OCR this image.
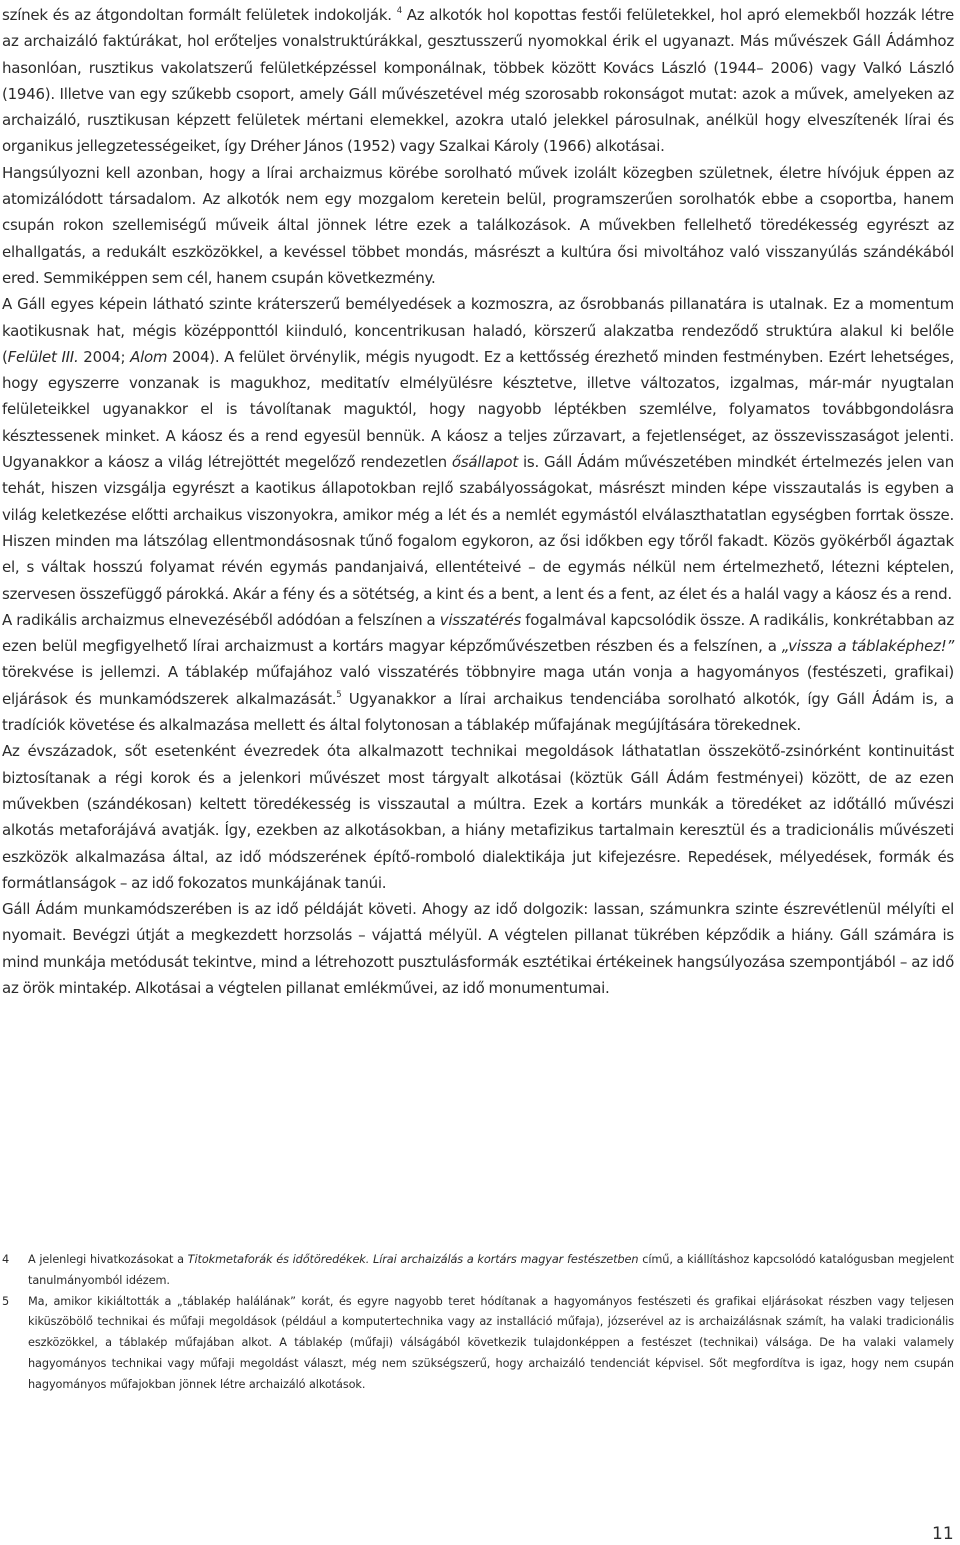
színek és az átgondoltan formált felületek indokolják. $^4$ Az alkotók hol kopottas festői felületekkel, hol apró elemekből hozzák létre az archaizáló faktúrákat, hol erőteljes vonalstruktúrákkal, gesztusszerű nyomokkal érik el ugyanazt. Más művészek Gáll Ádámhoz hasonlóan, rusztikus vakolatszerű felületképzéssel komponálnak, többek között Kovács László (1944– 2006) vagy Valkó László (1946). Illetve van egy szűkebb csoport, amely Gáll művészetével még szorosabb rokonságot mutat: azok a művek, amelyeken az archaizáló, rusztikusan képzett felületek mértani elemekkel, azokra utaló jelekkel párosulnak, anélkül hogy elveszítenék lírai és organikus jellegzetességeiket, így Dréher János (1952) vagy Szalkai Károly (1966) alkotásai.

Hangsúlyozni kell azonban, hogy a lírai archaizmus körébe sorolható művek izolált közegben születnek, életre hívójuk éppen az atomizálódott társadalom. Az alkotók nem egy mozgalom keretein belül, programszerűen sorolhatók ebbe a csoportba, hanem csupán rokon szellemiségű műveik által jönnek létre ezek a találkozások. A művekben fellelhető töredékesség egyrészt az elhallgatás, a redukált eszközökkel, a kevéssel többet mondás, másrészt a kultúra ősi mivoltához való visszanyúlás szándékából ered. Semmiképpen sem cél, hanem csupán következmény.

A Gáll egyes képein látható szinte kráterszerű bemélyedések a kozmoszra, az ősrobbanás pillanatára is utalnak. Ez a momentum kaotikusnak hat, mégis középponttól kiinduló, koncentrikusan haladó, körszerű alakzatba rendeződő struktúra alakul ki belőle (Felület III. 2004; Alom 2004). A felület örvénylik, mégis nyugodt. Ez a kettősség érezhető minden festményben. Ezért lehetséges, hogy egyszerre vonzanak is magukhoz, meditatív elmélyülésre késztetve, illetve változatos, izgalmas, már-már nyugtalan felületeikkel ugyanakkor el is távolítanak maguktól, hogy nagyobb léptékben szemlélve, folyamatos továbbgondolásra késztessenek minket. A káosz és a rend egyesül bennük. A káosz a teljes zűrzavart, a fejetlenséget, az összevisszaságot jelenti. Ugyanakkor a káosz a világ létrejöttét megelőző rendezetlen ősállapot is. Gáll Ádám művészetében mindkét értelmezés jelen van tehát, hiszen vizsgálja egyrészt a kaotikus állapotokban rejlő szabályosságokat, másrészt minden képe visszautalás is egyben a világ keletkezése előtti archaikus viszonyokra, amikor még a lét és a nemlét egymástól elválaszthatatlan egységben forrtak össze. Hiszen minden ma látszólag ellentmondásosnak tűnő fogalom egykoron, az ősi időkben egy tőről fakadt. Közös gyökérből ágaztak el, s váltak hosszú folyamat révén egymás pandanjaivá, ellentéteivé – de egymás nélkül nem értelmezhető, létezni képtelen, szervesen összefüggő párokká. Akár a fény és a sötétség, a kint és a bent, a lent és a fent, az élet és a halál vagy a káosz és a rend.

A radikális archaizmus elnevezéséből adódóan a felszínen a visszatérés fogalmával kapcsolódik össze. A radikális, konkrétabban az ezen belül megfigyelhető lírai archaizmust a kortárs magyar képzőművészetben részben és a felszínen, a „vissza a táblaképhez!” törekvése is jellemzi. A táblakép műfajához való visszatérés többnyire maga után vonja a hagyományos (festészeti, grafikai) eljárások és munkamódszerek alkalmazását.$^5$ Ugyanakkor a lírai archaikus tendenciába sorolható alkotók, így Gáll Ádám is, a tradíciók követése és alkalmazása mellett és által folytonosan a táblakép műfajának megújítására törekednek.

Az évszázadok, sőt esetenként évezredek óta alkalmazott technikai megoldások láthatatlan összekötő-zsinórként kontinuitást biztosítanak a régi korok és a jelenkori művészet most tárgyalt alkotásai (köztük Gáll Ádám festményei) között, de az ezen művekben (szándékosan) keltett töredékesség is visszautal a múltra. Ezek a kortárs munkák a töredéket az időtálló művészi alkotás metaforájává avatják. Így, ezekben az alkotásokban, a hiány metafizikus tartalmain keresztül és a tradicionális művészeti eszközök alkalmazása által, az idő módszerének építő-romboló dialektikája jut kifejezésre. Repedések, mélyedések, formák és formátlanságok – az idő fokozatos munkájának tanúi.

Gáll Ádám munkamódszerében is az idő példáját követi. Ahogy az idő dolgozik: lassan, számunkra szinte észrevétlenül mélyíti el nyomait. Bevégzi útját a megkezdett horzsolás – vájattá mélyül. A végtelen pillanat tükrében képződik a hiány. Gáll számára is mind munkája metódusát tekintve, mind a létrehozott pusztulásformák esztétikai értékeinek hangsúlyozása szempontjából – az idő az örök mintakép. Alkotásai a végtelen pillanat emlékművei, az idő monumentumai.

4	A jelenlegi hivatkozásokat a Titokmetaforák és időtöredékek. Lírai archaizálás a kortárs magyar festészetben című, a kiállításhoz kapcsolódó katalógusban megjelent tanulmányomból idézem.
5	Ma, amikor kikiáltották a „táblakép halálának” korát, és egyre nagyobb teret hódítanak a hagyományos festészeti és grafikai eljárásokat részben vagy teljesen kiküszöbölő technikai és műfaji megoldások (például a komputertechnika vagy az installáció műfaja), józserével az is archaizálásnak számít, ha valaki tradicionális eszközökkel, a táblakép műfajában alkot. A táblakép (műfaji) válságából következik tulajdonképpen a festészet (technikai) válsága. De ha valaki valamely hagyományos technikai vagy műfaji megoldást választ, még nem szükségszerű, hogy archaizáló tendenciát képvisel. Sőt megfordítva is igaz, hogy nem csupán hagyományos műfajokban jönnek létre archaizáló alkotások.
11
